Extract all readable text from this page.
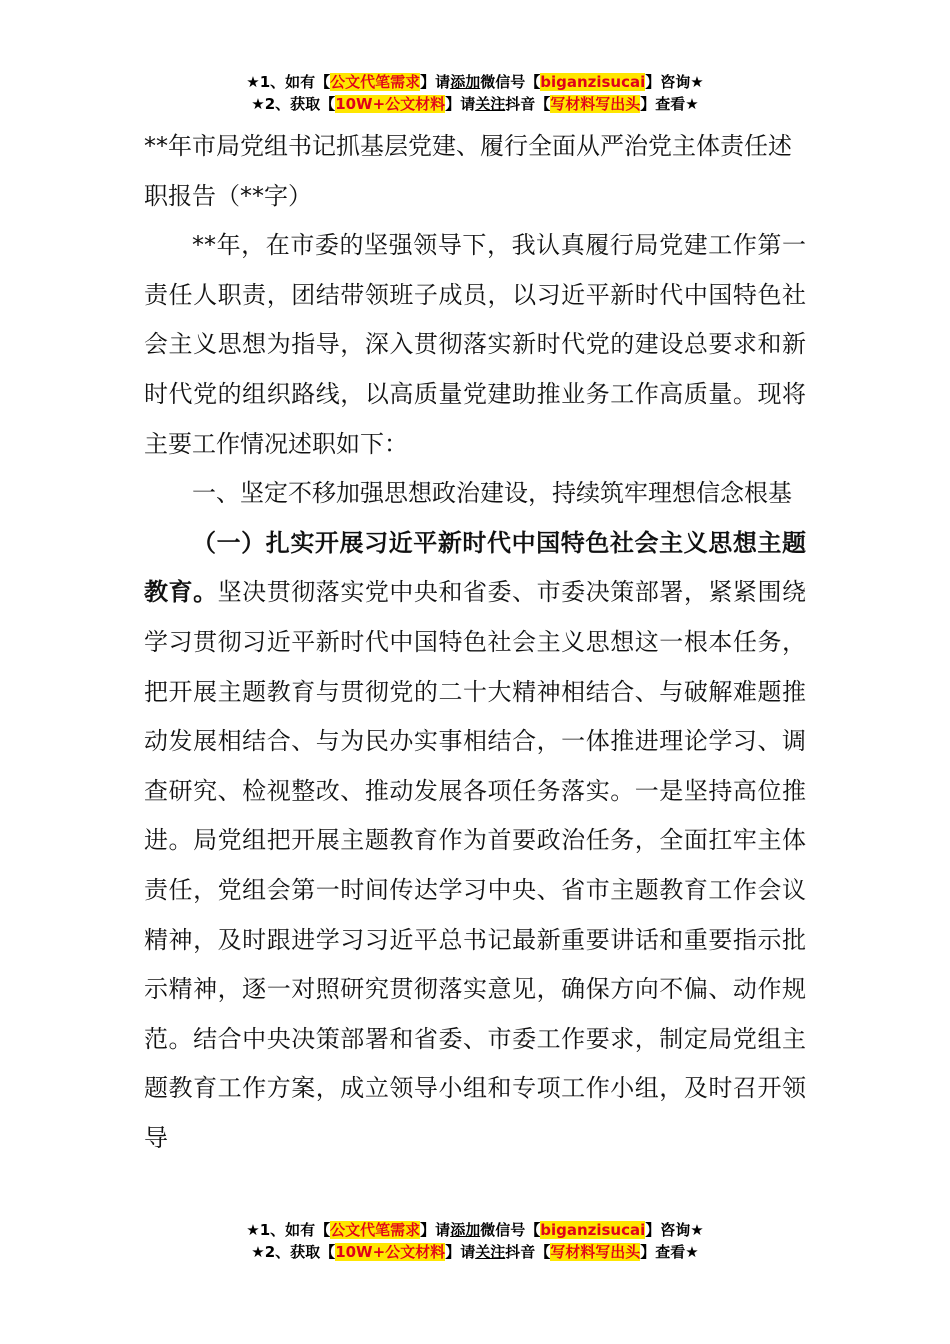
★1、如有【公文代笔需求】请添加微信号【biganzisucai】咨询★
★2、获取【10W+公文材料】请关注抖音【写材料写出头】查看★

**年市局党组书记抓基层党建、履行全面从严治党主体责任述职报告（**字）

**年，在市委的坚强领导下，我认真履行局党建工作第一责任人职责，团结带领班子成员，以习近平新时代中国特色社会主义思想为指导，深入贯彻落实新时代党的建设总要求和新时代党的组织路线，以高质量党建助推业务工作高质量。现将主要工作情况述职如下：

一、坚定不移加强思想政治建设，持续筑牢理想信念根基

（一）扎实开展习近平新时代中国特色社会主义思想主题教育。坚决贯彻落实党中央和省委、市委决策部署，紧紧围绕学习贯彻习近平新时代中国特色社会主义思想这一根本任务，把开展主题教育与贯彻党的二十大精神相结合、与破解难题推动发展相结合、与为民办实事相结合，一体推进理论学习、调查研究、检视整改、推动发展各项任务落实。一是坚持高位推进。局党组把开展主题教育作为首要政治任务，全面扛牢主体责任，党组会第一时间传达学习中央、省市主题教育工作会议精神，及时跟进学习习近平总书记最新重要讲话和重要指示批示精神，逐一对照研究贯彻落实意见，确保方向不偏、动作规范。结合中央决策部署和省委、市委工作要求，制定局党组主题教育工作方案，成立领导小组和专项工作小组，及时召开领导

★1、如有【公文代笔需求】请添加微信号【biganzisucai】咨询★
★2、获取【10W+公文材料】请关注抖音【写材料写出头】查看★
